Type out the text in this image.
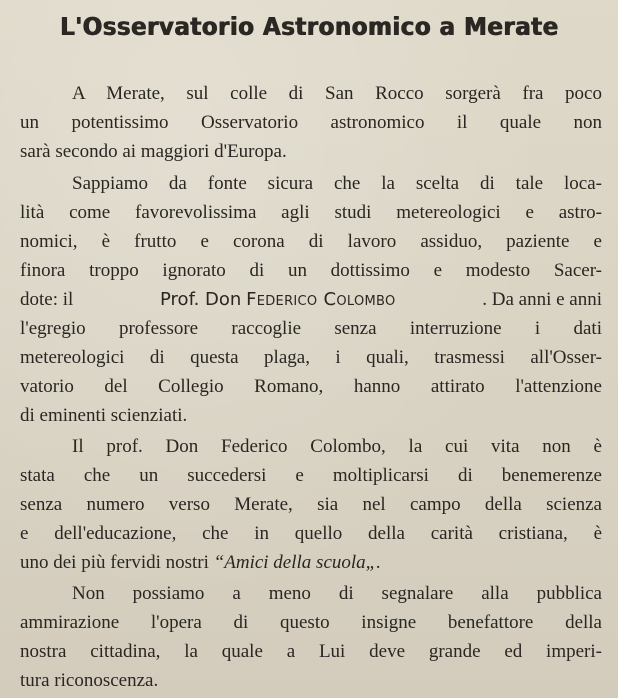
L'Osservatorio Astronomico a Merate
A Merate, sul colle di San Rocco sorgerà fra poco
un potentissimo Osservatorio astronomico il quale non
sarà secondo ai maggiori d'Europa.
Sappiamo da fonte sicura che la scelta di tale loca-
lità come favorevolissima agli studi metereologici e astro-
nomici, è frutto e corona di lavoro assiduo, paziente e
finora troppo ignorato di un dottissimo e modesto Sacer-
dote: il	Prof. Don Federico Colombo	. Da anni e anni
l'egregio professore raccoglie senza interruzione i dati
metereologici di questa plaga, i quali, trasmessi all'Osser-
vatorio del Collegio Romano, hanno attirato l'attenzione
di eminenti scienziati.
Il prof. Don Federico Colombo, la cui vita non è
stata che un succedersi e moltiplicarsi di benemerenze
senza numero verso Merate, sia nel campo della scienza
e dell'educazione, che in quello della carità cristiana, è
uno dei più fervidi nostri “Amici della scuola„.
Non possiamo a meno di segnalare alla pubblica
ammirazione l'opera di questo insigne benefattore della
nostra cittadina, la quale a Lui deve grande ed imperi-
tura riconoscenza.
